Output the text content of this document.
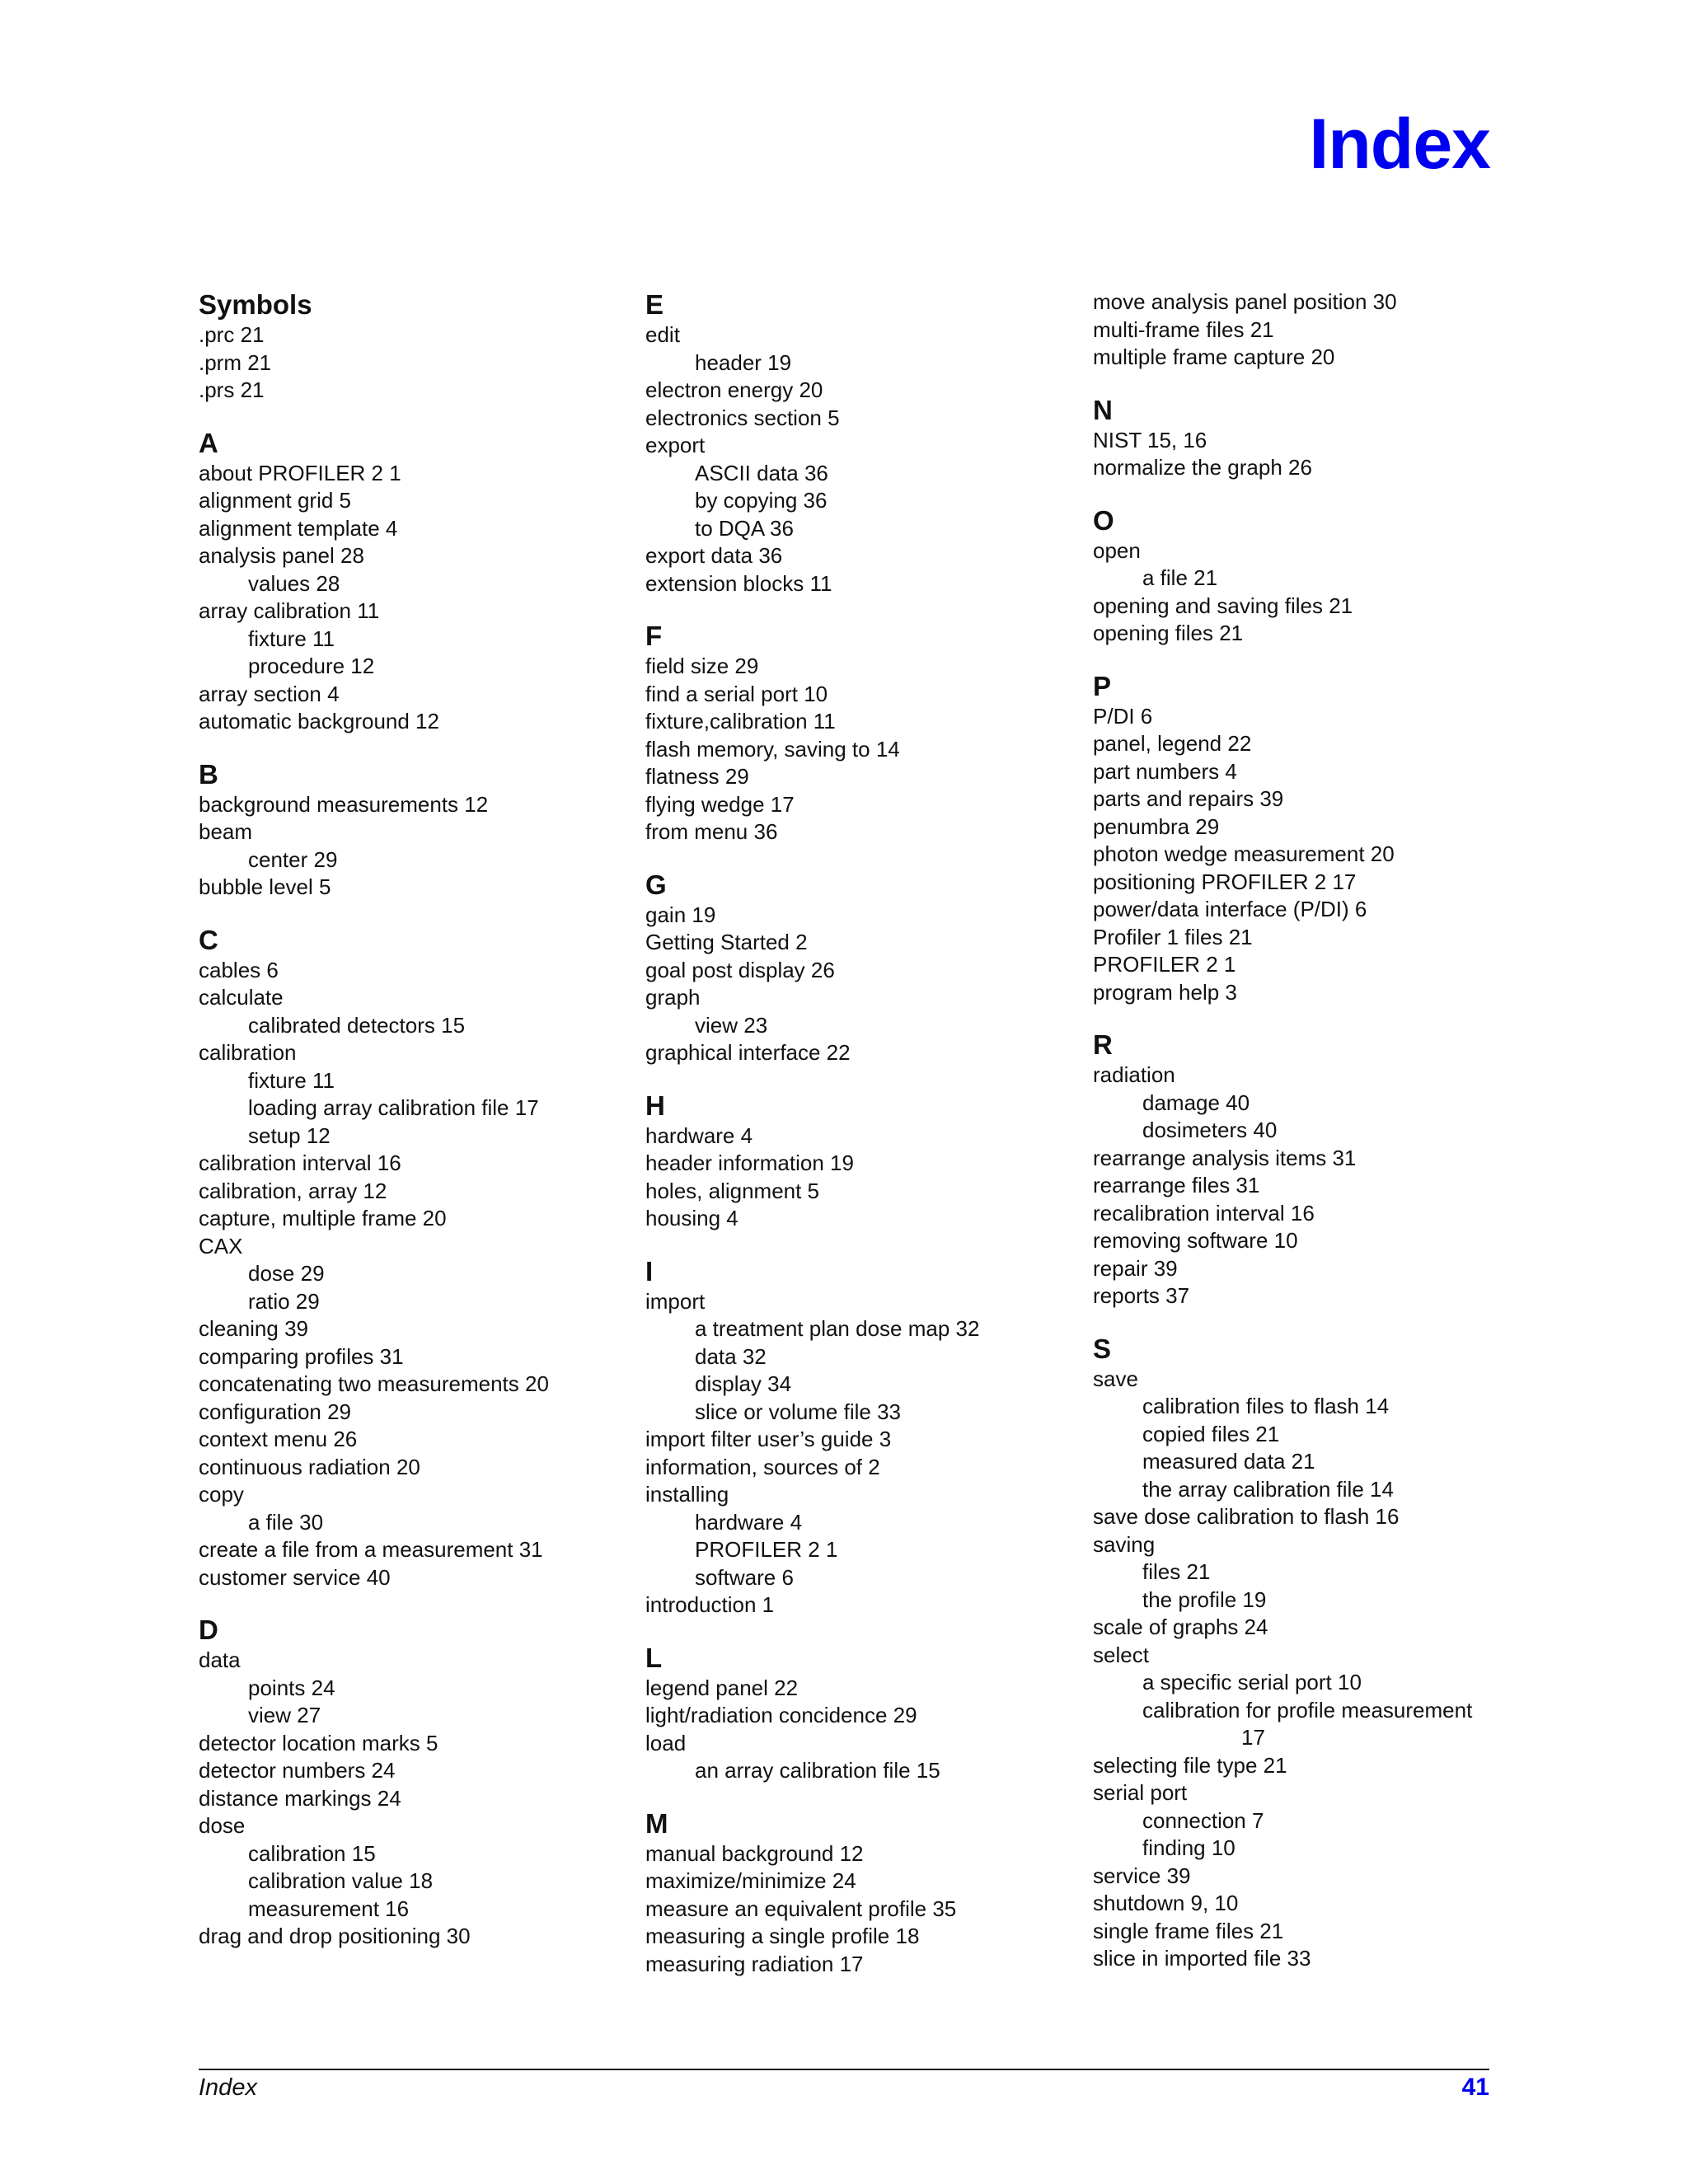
Index
Symbols
.prc 21
.prm 21
.prs 21
A
about PROFILER 2 1
alignment grid 5
alignment template 4
analysis panel 28
values 28
array calibration 11
fixture 11
procedure 12
array section 4
automatic background 12
B
background measurements 12
beam
center 29
bubble level 5
C
cables 6
calculate
calibrated detectors 15
calibration
fixture 11
loading array calibration file 17
setup 12
calibration interval 16
calibration, array 12
capture, multiple frame 20
CAX
dose 29
ratio 29
cleaning 39
comparing profiles 31
concatenating two measurements 20
configuration 29
context menu 26
continuous radiation 20
copy
a file 30
create a file from a measurement 31
customer service 40
D
data
points 24
view 27
detector location marks 5
detector numbers 24
distance markings 24
dose
calibration 15
calibration value 18
measurement 16
drag and drop positioning 30
E
edit
header 19
electron energy 20
electronics section 5
export
ASCII data 36
by copying 36
to DQA 36
export data 36
extension blocks 11
F
field size 29
find a serial port 10
fixture,calibration 11
flash memory, saving to 14
flatness 29
flying wedge 17
from menu 36
G
gain 19
Getting Started 2
goal post display 26
graph
view 23
graphical interface 22
H
hardware 4
header information 19
holes, alignment 5
housing 4
I
import
a treatment plan dose map 32
data 32
display 34
slice or volume file 33
import filter user’s guide 3
information, sources of 2
installing
hardware 4
PROFILER 2 1
software 6
introduction 1
L
legend panel 22
light/radiation concidence 29
load
an array calibration file 15
M
manual background 12
maximize/minimize 24
measure an equivalent profile 35
measuring a single profile 18
measuring radiation 17
move analysis panel position 30
multi-frame files 21
multiple frame capture 20
N
NIST 15, 16
normalize the graph 26
O
open
a file 21
opening and saving files 21
opening files 21
P
P/DI 6
panel, legend 22
part numbers 4
parts and repairs 39
penumbra 29
photon wedge measurement 20
positioning PROFILER 2 17
power/data interface (P/DI) 6
Profiler 1 files 21
PROFILER 2 1
program help 3
R
radiation
damage 40
dosimeters 40
rearrange analysis items 31
rearrange files 31
recalibration interval 16
removing software 10
repair 39
reports 37
S
save
calibration files to flash 14
copied files 21
measured data 21
the array calibration file 14
save dose calibration to flash 16
saving
files 21
the profile 19
scale of graphs 24
select
a specific serial port 10
calibration for profile measurement
17
selecting file type 21
serial port
connection 7
finding 10
service 39
shutdown 9, 10
single frame files 21
slice in imported file 33
Index	41
